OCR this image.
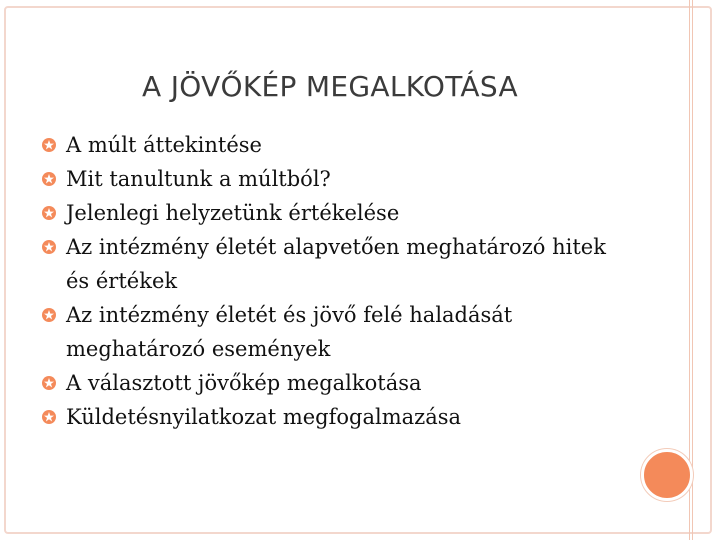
A JÖVŐKÉP MEGALKOTÁSA
A múlt áttekintése
Mit tanultunk a múltból?
Jelenlegi helyzetünk értékelése
Az intézmény életét alapvetően meghatározó hitek és értékek
Az intézmény életét és jövő felé haladását meghatározó események
A választott jövőkép megalkotása
Küldetésnyilatkozat megfogalmazása
